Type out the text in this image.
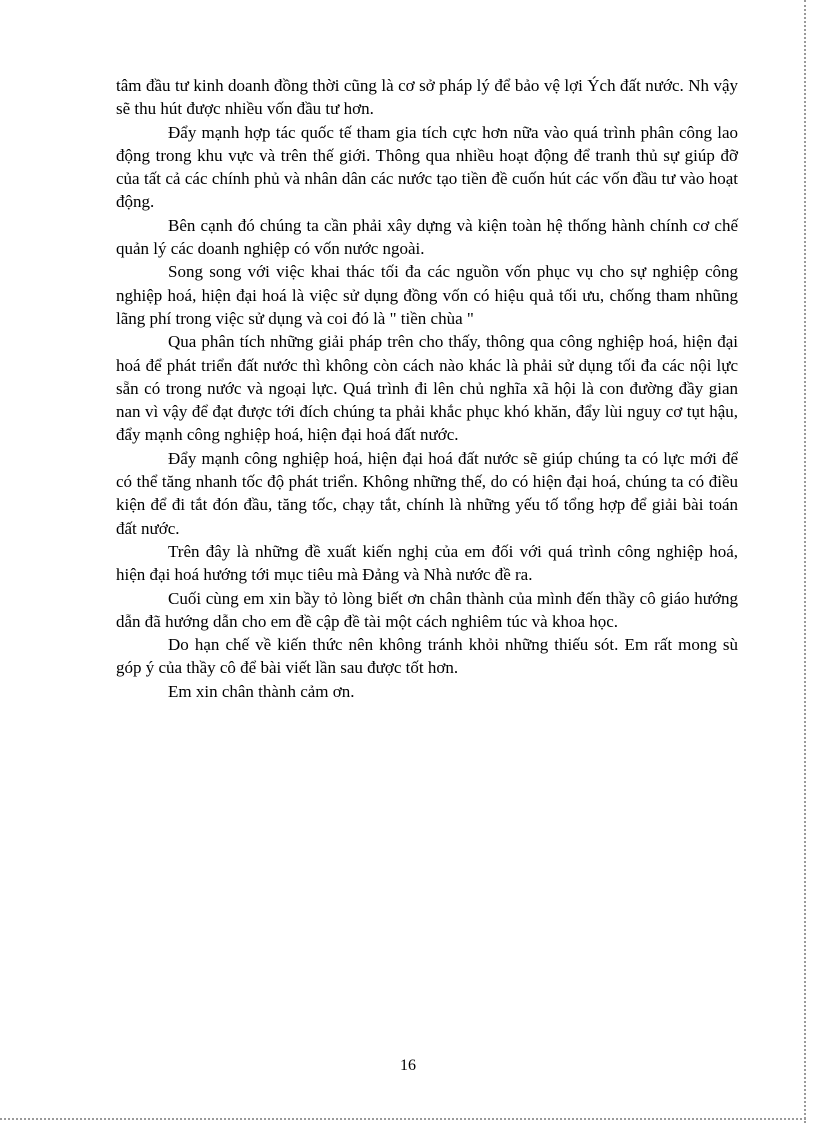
tâm đầu tư kinh doanh đồng thời cũng là cơ sở pháp lý để bảo vệ lợi Ých đất nước. Nh vậy sẽ thu hút được nhiều vốn đầu tư hơn.

Đẩy mạnh hợp tác quốc tế tham gia tích cực hơn nữa vào quá trình phân công lao động trong khu vực và trên thế giới. Thông qua nhiều hoạt động để tranh thủ sự giúp đỡ của tất cả các chính phủ và nhân dân các nước tạo tiền đề cuốn hút các vốn đầu tư vào hoạt động.

Bên cạnh đó chúng ta cần phải xây dựng và kiện toàn hệ thống hành chính cơ chế quản lý các doanh nghiệp có vốn nước ngoài.

Song song với việc khai thác tối đa các nguồn vốn phục vụ cho sự nghiệp công nghiệp hoá, hiện đại hoá là việc sử dụng đồng vốn có hiệu quả tối ưu, chống tham nhũng lãng phí trong việc sử dụng và coi đó là " tiền chùa "

Qua phân tích những giải pháp trên cho thấy, thông qua công nghiệp hoá, hiện đại hoá để phát triển đất nước thì không còn cách nào khác là phải sử dụng tối đa các nội lực sẵn có trong nước và ngoại lực. Quá trình đi lên chủ nghĩa xã hội là con đường đầy gian nan vì vậy để đạt được tới đích chúng ta phải khắc phục khó khăn, đẩy lùi nguy cơ tụt hậu, đẩy mạnh công nghiệp hoá, hiện đại hoá đất nước.

Đẩy mạnh công nghiệp hoá, hiện đại hoá đất nước sẽ giúp chúng ta có lực mới để có thể tăng nhanh tốc độ phát triển. Không những thế, do có hiện đại hoá, chúng ta có điều kiện để đi tắt đón đầu, tăng tốc, chạy tắt, chính là những yếu tố tổng hợp để giải bài toán đất nước.

Trên đây là những đề xuất kiến nghị của em đối với quá trình công nghiệp hoá, hiện đại hoá hướng tới mục tiêu mà Đảng và Nhà nước đề ra.

Cuối cùng em xin bầy tỏ lòng biết ơn chân thành của mình đến thầy cô giáo hướng dẫn đã hướng dẫn cho em đề cập đề tài một cách nghiêm túc và khoa học.

Do hạn chế về kiến thức nên không tránh khỏi những thiếu sót. Em rất mong sù góp ý của thầy cô để bài viết lần sau được tốt hơn.

Em xin chân thành cảm ơn.

16
